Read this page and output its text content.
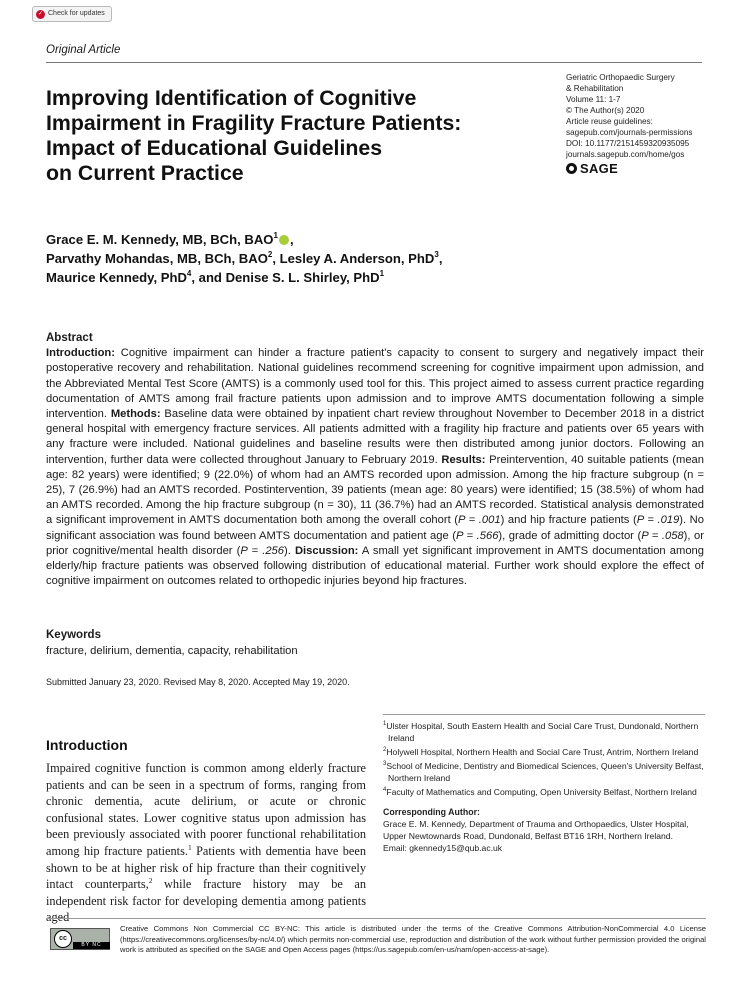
✓ Check for updates
Original Article
Geriatric Orthopaedic Surgery
& Rehabilitation
Volume 11: 1-7
© The Author(s) 2020
Article reuse guidelines:
sagepub.com/journals-permissions
DOI: 10.1177/2151459320935095
journals.sagepub.com/home/gos
SAGE
Improving Identification of Cognitive
Impairment in Fragility Fracture Patients:
Impact of Educational Guidelines
on Current Practice
Grace E. M. Kennedy, MB, BCh, BAO$^1$ ,
Parvathy Mohandas, MB, BCh, BAO$^2$, Lesley A. Anderson, PhD$^3$,
Maurice Kennedy, PhD$^4$, and Denise S. L. Shirley, PhD$^1$
Abstract
Introduction: Cognitive impairment can hinder a fracture patient's capacity to consent to surgery and negatively impact their postoperative recovery and rehabilitation. National guidelines recommend screening for cognitive impairment upon admission, and the Abbreviated Mental Test Score (AMTS) is a commonly used tool for this. This project aimed to assess current practice regarding documentation of AMTS among frail fracture patients upon admission and to improve AMTS documentation following a simple intervention. Methods: Baseline data were obtained by inpatient chart review throughout November to December 2018 in a district general hospital with emergency fracture services. All patients admitted with a fragility hip fracture and patients over 65 years with any fracture were included. National guidelines and baseline results were then distributed among junior doctors. Following an intervention, further data were collected throughout January to February 2019. Results: Preintervention, 40 suitable patients (mean age: 82 years) were identified; 9 (22.0%) of whom had an AMTS recorded upon admission. Among the hip fracture subgroup (n = 25), 7 (26.9%) had an AMTS recorded. Postintervention, 39 patients (mean age: 80 years) were identified; 15 (38.5%) of whom had an AMTS recorded. Among the hip fracture subgroup (n = 30), 11 (36.7%) had an AMTS recorded. Statistical analysis demonstrated a significant improvement in AMTS documentation both among the overall cohort (P = .001) and hip fracture patients (P = .019). No significant association was found between AMTS documentation and patient age (P = .566), grade of admitting doctor (P = .058), or prior cognitive/mental health disorder (P = .256). Discussion: A small yet significant improvement in AMTS documentation among elderly/hip fracture patients was observed following distribution of educational material. Further work should explore the effect of cognitive impairment on outcomes related to orthopedic injuries beyond hip fractures.
Keywords
fracture, delirium, dementia, capacity, rehabilitation
Submitted January 23, 2020. Revised May 8, 2020. Accepted May 19, 2020.
Introduction
Impaired cognitive function is common among elderly fracture patients and can be seen in a spectrum of forms, ranging from chronic dementia, acute delirium, or acute or chronic confusional states. Lower cognitive status upon admission has been previously associated with poorer functional rehabilitation among hip fracture patients.$^1$ Patients with dementia have been shown to be at higher risk of hip fracture than their cognitively intact counterparts,$^2$ while fracture history may be an independent risk factor for developing dementia among patients aged
$^1$Ulster Hospital, South Eastern Health and Social Care Trust, Dundonald, Northern Ireland
$^2$Holywell Hospital, Northern Health and Social Care Trust, Antrim, Northern Ireland
$^3$School of Medicine, Dentistry and Biomedical Sciences, Queen's University Belfast, Northern Ireland
$^4$Faculty of Mathematics and Computing, Open University Belfast, Northern Ireland
Corresponding Author:
Grace E. M. Kennedy, Department of Trauma and Orthopaedics, Ulster Hospital, Upper Newtownards Road, Dundonald, Belfast BT16 1RH, Northern Ireland.
Email: gkennedy15@qub.ac.uk
cc
BY NC
Creative Commons Non Commercial CC BY-NC: This article is distributed under the terms of the Creative Commons Attribution-NonCommercial 4.0 License (https://creativecommons.org/licenses/by-nc/4.0/) which permits non-commercial use, reproduction and distribution of the work without further permission provided the original work is attributed as specified on the SAGE and Open Access pages (https://us.sagepub.com/en-us/nam/open-access-at-sage).
